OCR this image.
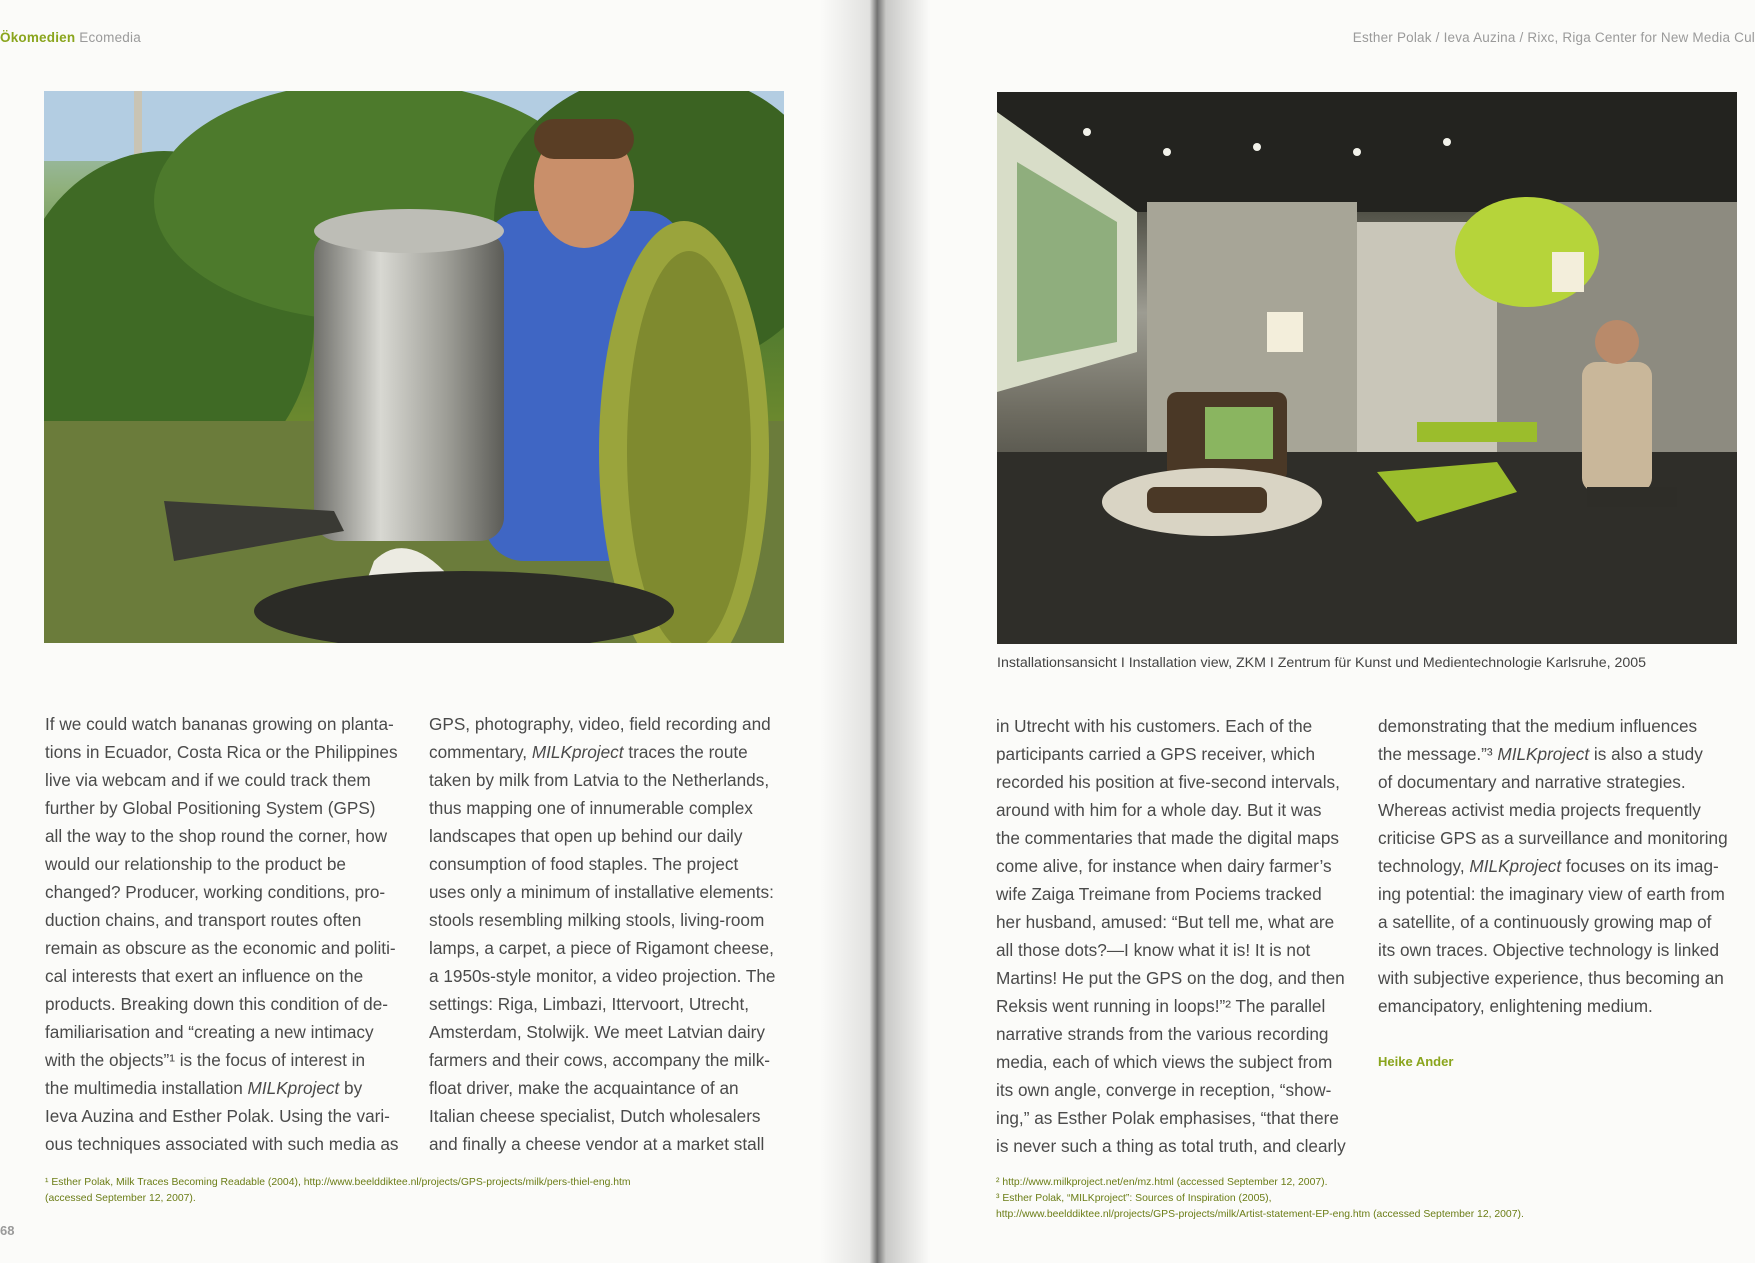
Ökomedien Ecomedia

If we could watch bananas growing on planta-

tions in Ecuador, Costa Rica or the Philippines

live via webcam and if we could track them

further by Global Positioning System (GPS)

all the way to the shop round the corner, how

would our relationship to the product be

changed? Producer, working conditions, pro-

duction chains, and transport routes often

remain as obscure as the economic and politi-

cal interests that exert an influence on the

products. Breaking down this condition of de-

familiarisation and “creating a new intimacy

with the objects”¹ is the focus of interest in

the multimedia installation MILKproject by

Ieva Auzina and Esther Polak. Using the vari-

ous techniques associated with such media as

GPS, photography, video, field recording and

commentary, MILKproject traces the route

taken by milk from Latvia to the Netherlands,

thus mapping one of innumerable complex

landscapes that open up behind our daily

consumption of food staples. The project

uses only a minimum of installative elements:

stools resembling milking stools, living-room

lamps, a carpet, a piece of Rigamont cheese,

a 1950s-style monitor, a video projection. The

settings: Riga, Limbazi, Ittervoort, Utrecht,

Amsterdam, Stolwijk. We meet Latvian dairy

farmers and their cows, accompany the milk-

float driver, make the acquaintance of an

Italian cheese specialist, Dutch wholesalers

and finally a cheese vendor at a market stall

¹ Esther Polak, Milk Traces Becoming Readable (2004), http://www.beelddiktee.nl/projects/GPS-projects/milk/pers-thiel-eng.htm
(accessed September 12, 2007).
68
Esther Polak / Ieva Auzina / Rixc, Riga Center for New Media Cul
Installationsansicht I Installation view, ZKM I Zentrum für Kunst und Medientechnologie Karlsruhe, 2005

in Utrecht with his customers. Each of the

participants carried a GPS receiver, which

recorded his position at five-second intervals,

around with him for a whole day. But it was

the commentaries that made the digital maps

come alive, for instance when dairy farmer’s

wife Zaiga Treimane from Pociems tracked

her husband, amused: “But tell me, what are

all those dots?—I know what it is! It is not

Martins! He put the GPS on the dog, and then

Reksis went running in loops!”² The parallel

narrative strands from the various recording

media, each of which views the subject from

its own angle, converge in reception, “show-

ing,” as Esther Polak emphasises, “that there

is never such a thing as total truth, and clearly

demonstrating that the medium influences

the message.”³ MILKproject is also a study

of documentary and narrative strategies.

Whereas activist media projects frequently

criticise GPS as a surveillance and monitoring

technology, MILKproject focuses on its imag-

ing potential: the imaginary view of earth from

a satellite, of a continuously growing map of

its own traces. Objective technology is linked

with subjective experience, thus becoming an

emancipatory, enlightening medium.

Heike Ander
² http://www.milkproject.net/en/mz.html (accessed September 12, 2007).
³ Esther Polak, “MILKproject”: Sources of Inspiration (2005),
http://www.beelddiktee.nl/projects/GPS-projects/milk/Artist-statement-EP-eng.htm (accessed September 12, 2007).
